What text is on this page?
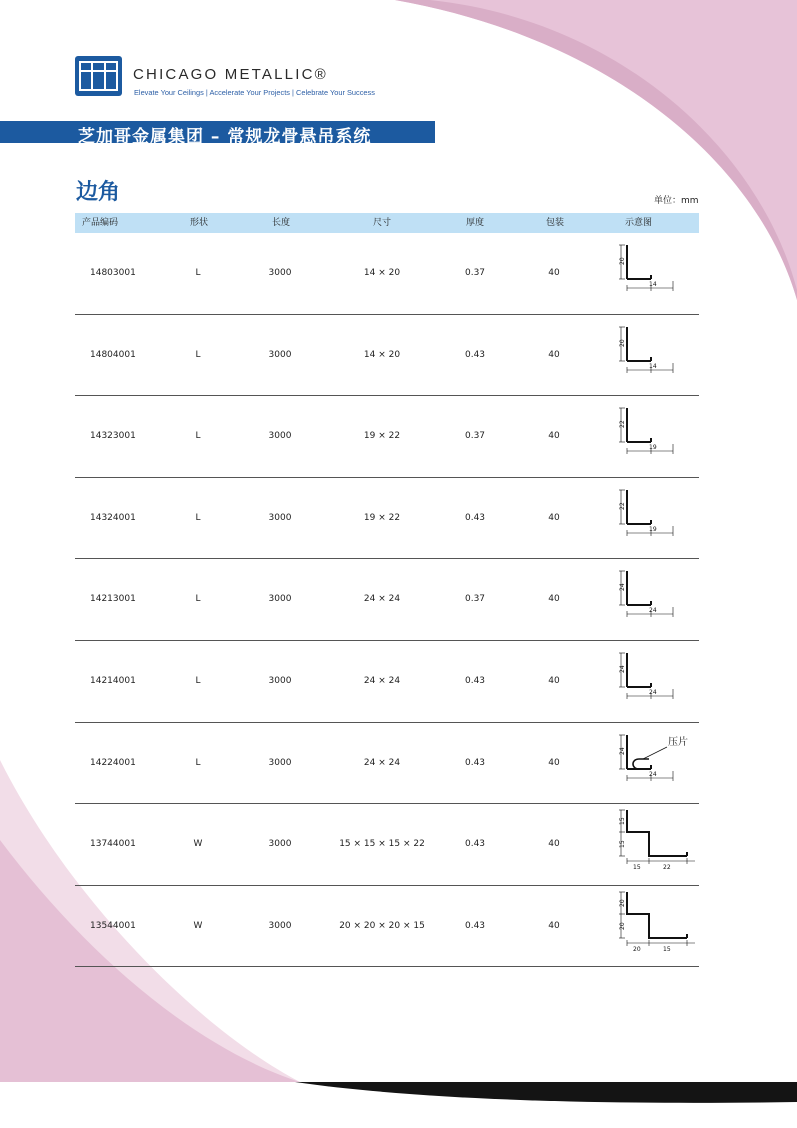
CHICAGO METALLIC®
Elevate Your Ceilings | Accelerate Your Projects | Celebrate Your Success
芝加哥金属集团 – 常规龙骨悬吊系统
边角	单位：mm
产品编码	形状	长度	尺寸	厚度	包装	示意图
14803001	L	3000	14 × 20	0.37	40
20
14
14804001	L	3000	14 × 20	0.43	40
20
14
14323001	L	3000	19 × 22	0.37	40
22
19
14324001	L	3000	19 × 22	0.43	40
22
19
14213001	L	3000	24 × 24	0.37	40
24
24
14214001	L	3000	24 × 24	0.43	40
24
24
14224001	L	3000	24 × 24	0.43	40
压片
24
24
13744001	W	3000	15 × 15 × 15 × 22	0.43	40
15
15
15	22
13544001	W	3000	20 × 20 × 20 × 15	0.43	40
20
20
20	15
